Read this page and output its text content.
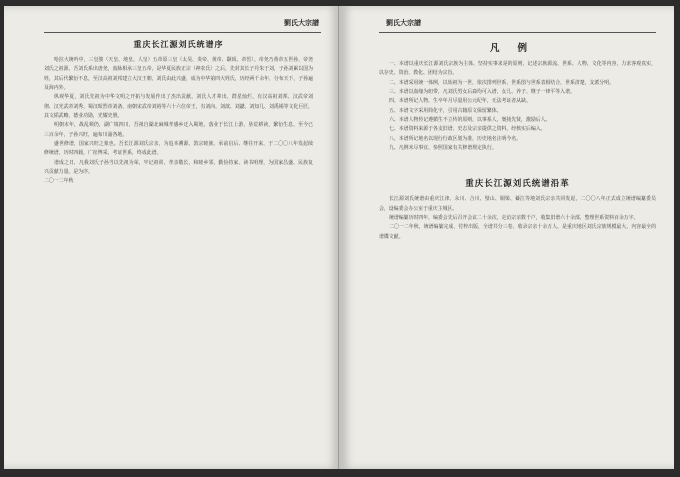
劉氏大宗譜
重庆长江源刘氏统谱序

哈拉大统吟中，三皇骏（天皇、地皇、人皇）五帝原三皇（太昊、炎帝、黄帝、颛顼、帝喾）。帝尧乃黄帝五世孙，帝尧刘氏之祖源，吾刘氏系出唐尧，血脉相承三皇五帝，是华夏民族正宗（神农氏）之后，先封其长子丹朱于刘，子孙刘累以国为姓，其后代繁衍不息，至汉高祖刘邦建立大汉王朝，刘氏由此兴盛，成为中华第四大姓氏，历经两千余年，分布天下，子孙遍及海内外。

纵观华夏，刘氏先祖为中华文明之开拓与发展作出了杰出贡献，刘氏人才辈出，群星灿烂，有汉高祖刘邦、汉武帝刘彻、汉光武帝刘秀、蜀汉昭烈帝刘备、南朝宋武帝刘裕等六十六位帝王，有刘向、刘歆、刘勰、刘知几、刘禹锡等文化巨匠，其文韬武略，德业功勋，光耀史册。

明朝末年，战乱频仍，湖广填四川，吾祖自湖北麻城孝感乡迁入蜀地，落业于长江上游，垦荒耕读，繁衍生息，至今已三百余年，子孙兴旺，遍布川渝各地。

盛世修谱，国家兴旺之象也。吾长江源刘氏宗亲，为追本溯源、敦宗睦族、承前启后、继往开来，于二〇〇八年发起续修统谱，历时四载，广征博采，考证世系，终成此谱。

谱成之日，凡我刘氏子孙当以先祖为荣，牢记祖训，孝亲敬长，和睦乡邻，勤俭持家，读书明理，为国家昌盛、民族复兴贡献力量。是为序。

二〇一二年秋

劉氏大宗譜
凡例

一、本谱以重庆长江源刘氏宗族为主体，坚持实事求是的原则，记述宗族源流、世系、人物、文化等内容，力求客观真实，以存史、资治、教化、团结为宗旨。

二、本谱采用统一体例，以始祖为一世，依次排列世系，世系图与世系表相结合，世系清楚，支派分明。

三、本谱以血缘为纽带，凡刘氏男女后裔均可入谱，女儿、养子、继子一律平等入谱。

四、本谱所记人物，生卒年月尽量用公元纪年，无法考证者从缺。

五、本谱文字采用简化字，引用古籍原文保留繁体。

六、本谱人物传记遵循生不立传的原则，以事系人，褒扬先贤，激励后人。

七、本谱资料来源于各支旧谱、史志及宗亲提供之资料，经核实后编入。

八、本谱所记地名以现行行政区划为准，历史地名注明今名。

九、凡例未尽事宜，参照国家有关修谱规定执行。

重庆长江源刘氏统谱沿革

长江源刘氏统谱由重庆江津、永川、合川、璧山、铜梁、綦江等地刘氏宗亲共同发起，二〇〇八年正式成立统谱编纂委员会，设编委会办公室于重庆主城区。

统谱编纂历时四年，编委会先后召开会议二十余次，走访宗亲数千户，收集旧谱六十余部，整理世系资料百余万字。

二〇一二年秋，统谱编纂完成，付梓出版，全谱共分三卷，收录宗亲十余万人，是重庆地区刘氏宗族规模最大、内容最全的谱牒文献。
